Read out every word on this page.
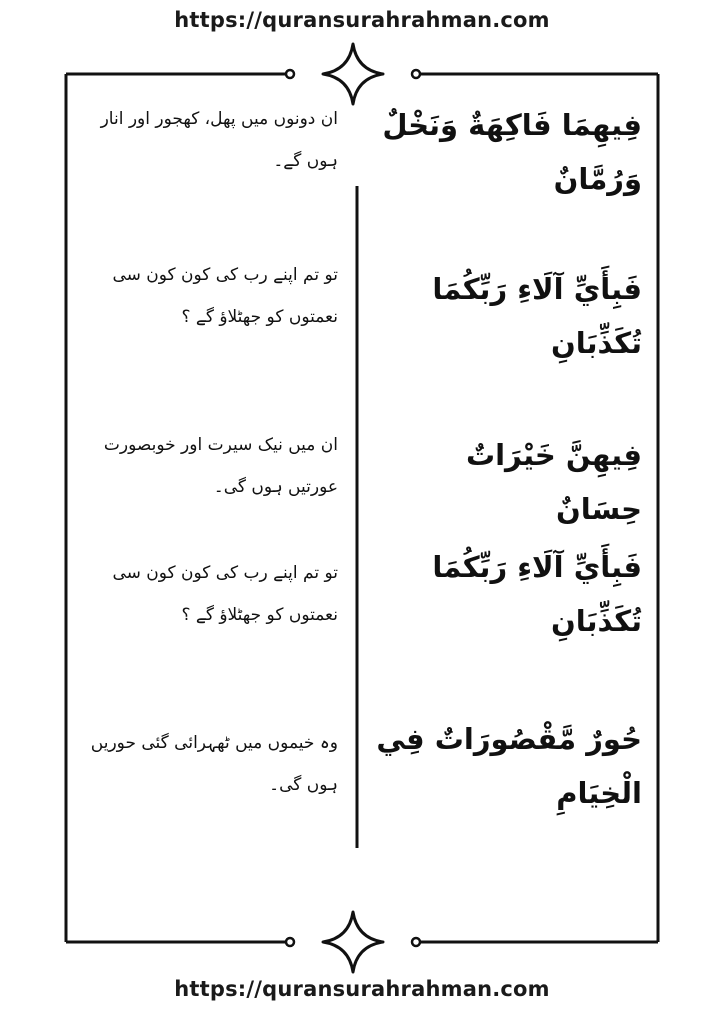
https://quransurahrahman.com
فِيهِمَا فَاكِهَةٌ وَنَخْلٌ وَرُمَّانٌ
ان دونوں میں پھل، کھجور اور انار ہوں گے۔
فَبِأَيِّ آلَاءِ رَبِّكُمَا تُكَذِّبَانِ
تو تم اپنے رب کی کون کون سی نعمتوں کو جھٹلاؤ گے ؟
فِيهِنَّ خَيْرَاتٌ حِسَانٌ
ان میں نیک سیرت اور خوبصورت عورتیں ہوں گی۔
فَبِأَيِّ آلَاءِ رَبِّكُمَا تُكَذِّبَانِ
تو تم اپنے رب کی کون کون سی نعمتوں کو جھٹلاؤ گے ؟
حُورٌ مَّقْصُورَاتٌ فِي الْخِيَامِ
وہ خیموں میں ٹھہرائی گئی حوریں ہوں گی۔
https://quransurahrahman.com
